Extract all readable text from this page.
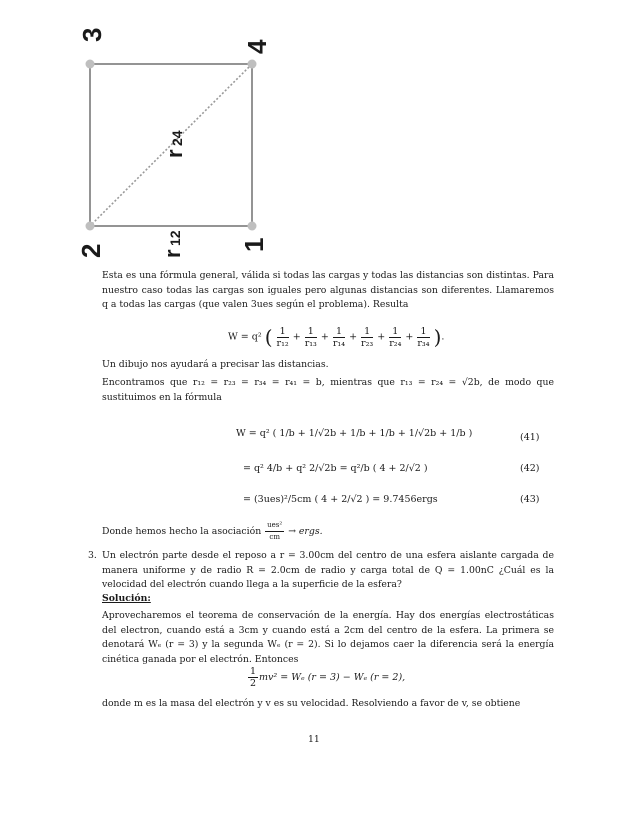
3
4
2	1
r
24
r
12
Esta es una fórmula general, válida si todas las cargas y todas las distancias son distintas. Para nuestro caso todas las cargas son iguales pero algunas distancias son diferentes. Llamaremos q a todas las cargas (que valen 3ues según el problema). Resulta
W = q² ( $\frac{1}{\text{r₁₂}} + \frac{1}{\text{r₁₃}} + \frac{1}{\text{r₁₄}} + \frac{1}{\text{r₂₃}} + \frac{1}{\text{r₂₄}} + \frac{1}{\text{r₃₄}}$ ).
Un dibujo nos ayudará a precisar las distancias.
Encontramos que r₁₂ = r₂₃ = r₃₄ = r₄₁ = b, mientras que r₁₃ = r₂₄ = √2b, de modo que sustituimos en la fórmula
W = q² ( 1/b + 1/√2b + 1/b + 1/b + 1/√2b + 1/b )	(41)
= q² 4/b + q² 2/√2b = q²/b ( 4 + 2/√2 )	(42)
= (3ues)²/5cm ( 4 + 2/√2 ) = 9.7456ergs	(43)
Donde hemos hecho la asociación $\frac{\text{ues²}}{cm}$ → ergs.
3. Un electrón parte desde el reposo a r = 3.00cm del centro de una esfera aislante cargada de manera uniforme y de radio R = 2.0cm de radio y carga total de Q = 1.00nC ¿Cuál es la velocidad del electrón cuando llega a la superficie de la esfera?
Solución:
Aprovecharemos el teorema de conservación de la energía. Hay dos energías electrostáticas del electron, cuando está a 3cm y cuando está a 2cm del centro de la esfera. La primera se denotará Wₑ (r = 3) y la segunda Wₑ (r = 2). Si lo dejamos caer la diferencia será la energía cinética ganada por el electrón. Entonces
$\frac{1}{2} mv^2 = W_e$ (r = 3) − Wₑ (r = 2),
donde m es la masa del electrón y v es su velocidad. Resolviendo a favor de v, se obtiene
11
